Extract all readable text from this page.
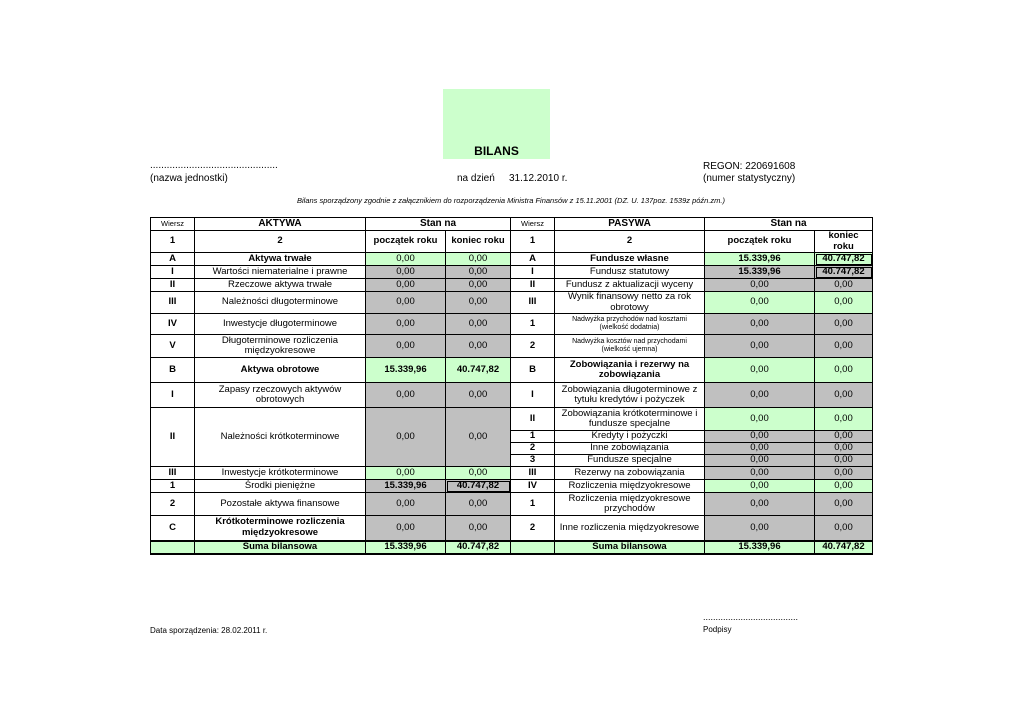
BILANS
..............................................
(nazwa jednostki)	na dzień 31.12.2010 r.
REGON: 220691608
(numer statystyczny)
Bilans sporządzony zgodnie z załącznikiem do rozporządzenia Ministra Finansów z 15.11.2001 (DZ. U. 137poz. 1539z późn.zm.)
Wiersz	AKTYWA	Stan na		Wiersz	PASYWA	Stan na	
1	2	początek roku	koniec roku	1	2	początek roku	koniec roku
A	Aktywa trwałe	0,00	0,00	A	Fundusze własne	15.339,96	40.747,82
I	Wartości niematerialne i prawne	0,00	0,00	I	Fundusz statutowy	15.339,96	40.747,82
II	Rzeczowe aktywa trwałe	0,00	0,00	II	Fundusz z aktualizacji wyceny	0,00	0,00
III	Należności długoterminowe	0,00	0,00	III	Wynik finansowy netto za rok obrotowy	0,00	0,00
IV	Inwestycje długoterminowe	0,00	0,00	1	Nadwyżka przychodów nad kosztami (wielkość dodatnia)	0,00	0,00
V	Długoterminowe rozliczenia międzyokresowe	0,00	0,00	2	Nadwyżka kosztów nad przychodami (wielkość ujemna)	0,00	0,00
B	Aktywa obrotowe	15.339,96	40.747,82	B	Zobowiązania i rezerwy na zobowiązania	0,00	0,00
I	Zapasy rzeczowych aktywów obrotowych	0,00	0,00	I	Zobowiązania długoterminowe z tytułu kredytów i pożyczek	0,00	0,00
II	Należności krótkoterminowe	0,00	0,00	II	Zobowiązania krótkoterminowe i fundusze specjalne	0,00	0,00
				1	Kredyty i pożyczki	0,00	0,00
				2	Inne zobowiązania	0,00	0,00
				3	Fundusze specjalne	0,00	0,00
III	Inwestycje krótkoterminowe	0,00	0,00	III	Rezerwy na zobowiązania	0,00	0,00
1	Środki pieniężne	15.339,96	40.747,82	IV	Rozliczenia międzyokresowe	0,00	0,00
2	Pozostałe aktywa finansowe	0,00	0,00	1	Rozliczenia międzyokresowe przychodów	0,00	0,00
C	Krótkoterminowe rozliczenia międzyokresowe	0,00	0,00	2	Inne rozliczenia międzyokresowe	0,00	0,00
	Suma bilansowa	15.339,96	40.747,82		Suma bilansowa	15.339,96	40.747,82
......................................
Podpisy
Data sporządzenia: 28.02.2011 r.
